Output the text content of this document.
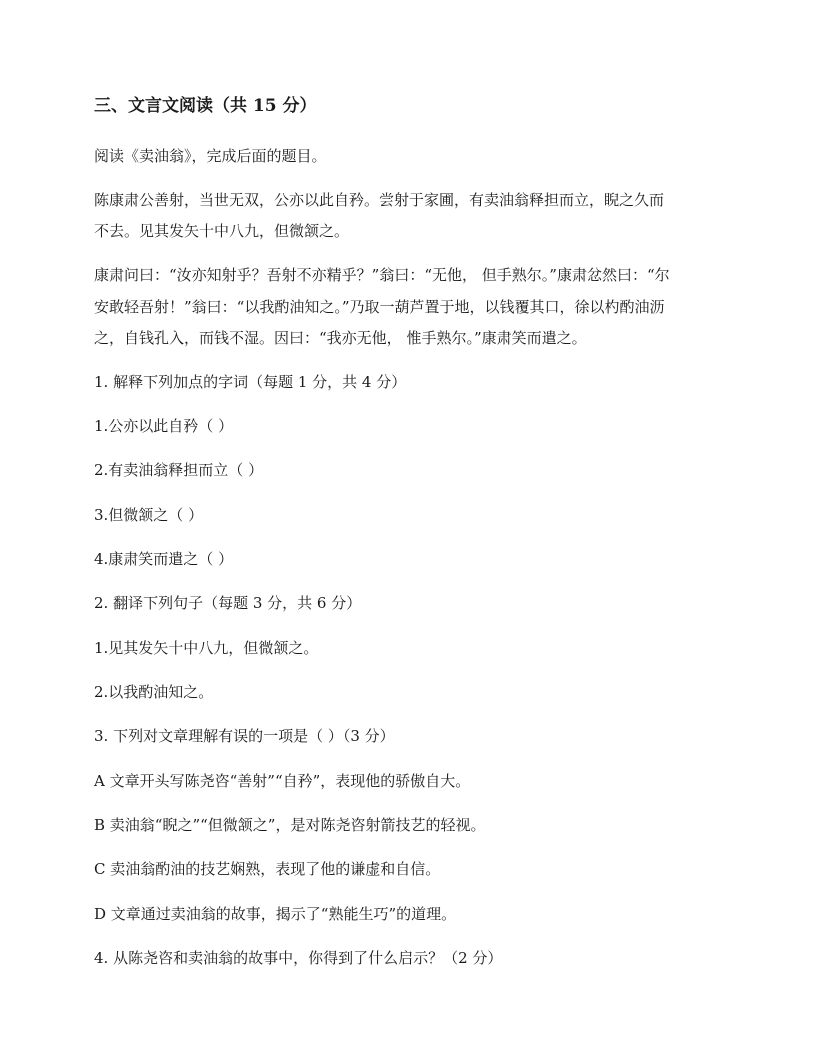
三、文言文阅读（共 15 分）
阅读《卖油翁》，完成后面的题目。
陈康肃公善射，当世无双，公亦以此自矜。尝射于家圃，有卖油翁释担而立，睨之久而
不去。见其发矢十中八九，但微颔之。
康肃问曰：“汝亦知射乎？吾射不亦精乎？”翁曰：“无他， 但手熟尔。”康肃忿然曰：“尔
安敢轻吾射！”翁曰：“以我酌油知之。”乃取一葫芦置于地，以钱覆其口，徐以杓酌油沥
之，自钱孔入，而钱不湿。因曰：“我亦无他， 惟手熟尔。”康肃笑而遣之。
1. 解释下列加点的字词（每题 1 分，共 4 分）
1.公亦以此自矜（ ）
2.有卖油翁释担而立（ ）
3.但微颔之（ ）
4.康肃笑而遣之（ ）
2. 翻译下列句子（每题 3 分，共 6 分）
1.见其发矢十中八九，但微颔之。
2.以我酌油知之。
3. 下列对文章理解有误的一项是（ ）（3 分）
A 文章开头写陈尧咨“善射”“自矜”，表现他的骄傲自大。
B 卖油翁“睨之”“但微颔之”，是对陈尧咨射箭技艺的轻视。
C 卖油翁酌油的技艺娴熟，表现了他的谦虚和自信。
D 文章通过卖油翁的故事，揭示了“熟能生巧”的道理。
4. 从陈尧咨和卖油翁的故事中，你得到了什么启示？（2 分）
